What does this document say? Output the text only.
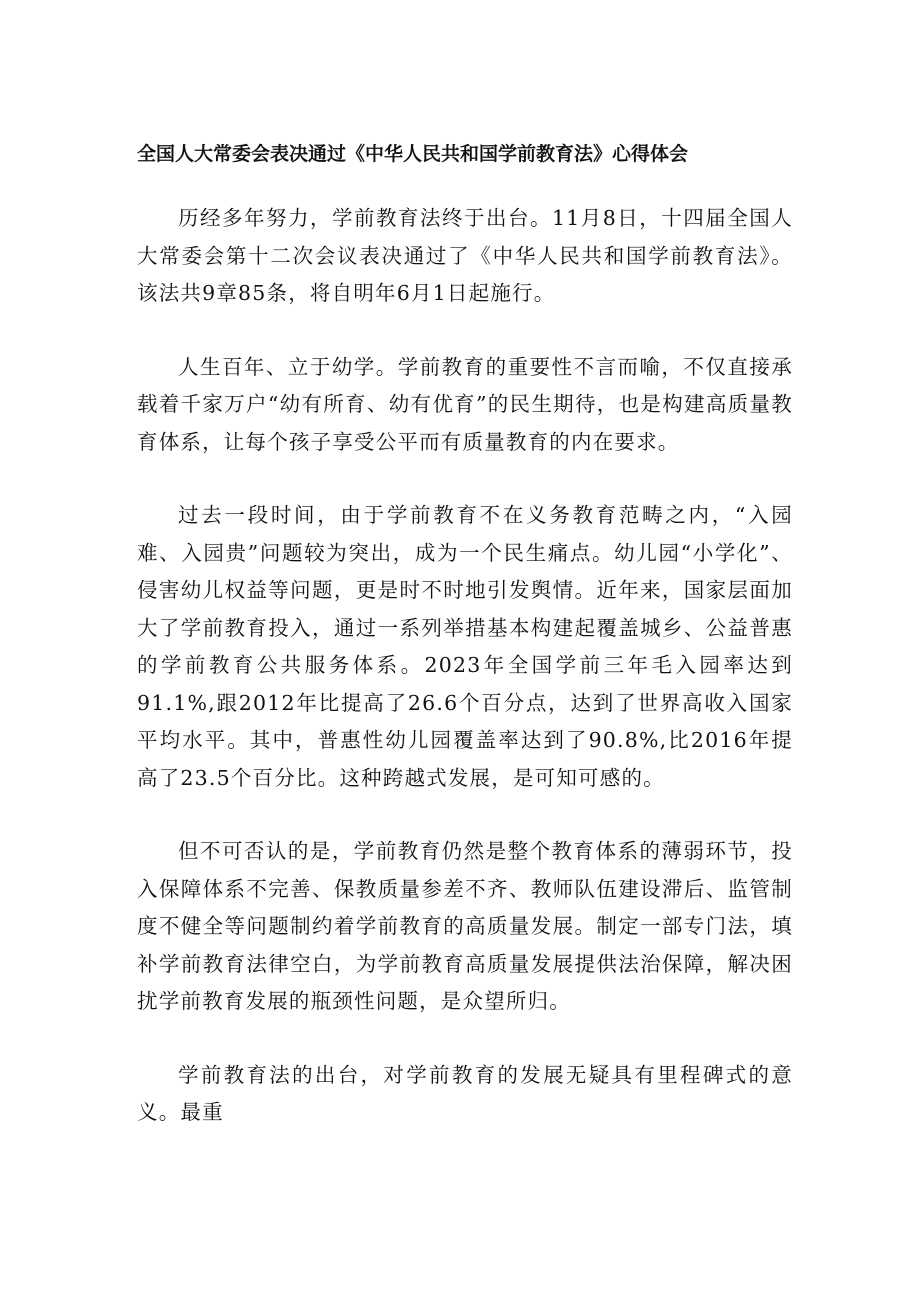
全国人大常委会表决通过《中华人民共和国学前教育法》心得体会

历经多年努力，学前教育法终于出台。11月8日，十四届全国人大常委会第十二次会议表决通过了《中华人民共和国学前教育法》。该法共9章85条，将自明年6月1日起施行。

人生百年、立于幼学。学前教育的重要性不言而喻，不仅直接承载着千家万户“幼有所育、幼有优育”的民生期待，也是构建高质量教育体系，让每个孩子享受公平而有质量教育的内在要求。

过去一段时间，由于学前教育不在义务教育范畴之内，“入园难、入园贵”问题较为突出，成为一个民生痛点。幼儿园“小学化”、侵害幼儿权益等问题，更是时不时地引发舆情。近年来，国家层面加大了学前教育投入，通过一系列举措基本构建起覆盖城乡、公益普惠的学前教育公共服务体系。2023年全国学前三年毛入园率达到91.1%,跟2012年比提高了26.6个百分点，达到了世界高收入国家平均水平。其中，普惠性幼儿园覆盖率达到了90.8%,比2016年提高了23.5个百分比。这种跨越式发展，是可知可感的。

但不可否认的是，学前教育仍然是整个教育体系的薄弱环节，投入保障体系不完善、保教质量参差不齐、教师队伍建设滞后、监管制度不健全等问题制约着学前教育的高质量发展。制定一部专门法，填补学前教育法律空白，为学前教育高质量发展提供法治保障，解决困扰学前教育发展的瓶颈性问题，是众望所归。

学前教育法的出台，对学前教育的发展无疑具有里程碑式的意义。最重
